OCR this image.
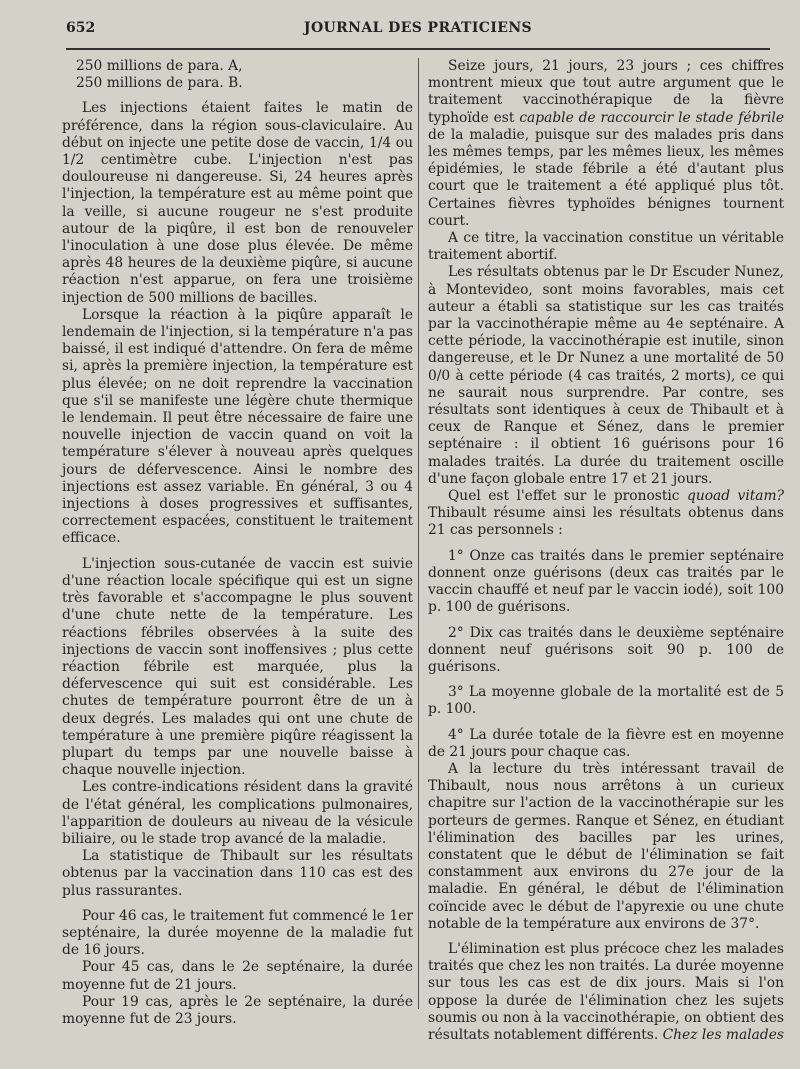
652	JOURNAL DES PRATICIENS

250 millions de para. A,

250 millions de para. B.

Les injections étaient faites le matin de préférence, dans la région sous-claviculaire. Au début on injecte une petite dose de vaccin, 1/4 ou 1/2 centimètre cube. L'injection n'est pas douloureuse ni dangereuse. Si, 24 heures après l'injection, la température est au même point que la veille, si aucune rougeur ne s'est produite autour de la piqûre, il est bon de renouveler l'inoculation à une dose plus élevée. De même après 48 heures de la deuxième piqûre, si aucune réaction n'est apparue, on fera une troisième injection de 500 millions de bacilles.

Lorsque la réaction à la piqûre apparaît le lendemain de l'injection, si la température n'a pas baissé, il est indiqué d'attendre. On fera de même si, après la première injection, la température est plus élevée; on ne doit reprendre la vaccination que s'il se manifeste une légère chute thermique le lendemain. Il peut être nécessaire de faire une nouvelle injection de vaccin quand on voit la température s'élever à nouveau après quelques jours de défervescence. Ainsi le nombre des injections est assez variable. En général, 3 ou 4 injections à doses progressives et suffisantes, correctement espacées, constituent le traitement efficace.

L'injection sous-cutanée de vaccin est suivie d'une réaction locale spécifique qui est un signe très favorable et s'accompagne le plus souvent d'une chute nette de la température. Les réactions fébriles observées à la suite des injections de vaccin sont inoffensives ; plus cette réaction fébrile est marquée, plus la défervescence qui suit est considérable. Les chutes de température pourront être de un à deux degrés. Les malades qui ont une chute de température à une première piqûre réagissent la plupart du temps par une nouvelle baisse à chaque nouvelle injection.

Les contre-indications résident dans la gravité de l'état général, les complications pulmonaires, l'apparition de douleurs au niveau de la vésicule biliaire, ou le stade trop avancé de la maladie.

La statistique de Thibault sur les résultats obtenus par la vaccination dans 110 cas est des plus rassurantes.

Pour 46 cas, le traitement fut commencé le 1er septénaire, la durée moyenne de la maladie fut de 16 jours.

Pour 45 cas, dans le 2e septénaire, la durée moyenne fut de 21 jours.

Pour 19 cas, après le 2e septénaire, la durée moyenne fut de 23 jours.

Seize jours, 21 jours, 23 jours ; ces chiffres montrent mieux que tout autre argument que le traitement vaccinothérapique de la fièvre typhoïde est capable de raccourcir le stade fébrile de la maladie, puisque sur des malades pris dans les mêmes temps, par les mêmes lieux, les mêmes épidémies, le stade fébrile a été d'autant plus court que le traitement a été appliqué plus tôt. Certaines fièvres typhoïdes bénignes tournent court.

A ce titre, la vaccination constitue un véritable traitement abortif.

Les résultats obtenus par le Dr Escuder Nunez, à Montevideo, sont moins favorables, mais cet auteur a établi sa statistique sur les cas traités par la vaccinothérapie même au 4e septénaire. A cette période, la vaccinothérapie est inutile, sinon dangereuse, et le Dr Nunez a une mortalité de 50 0/0 à cette période (4 cas traités, 2 morts), ce qui ne saurait nous surprendre. Par contre, ses résultats sont identiques à ceux de Thibault et à ceux de Ranque et Sénez, dans le premier septénaire : il obtient 16 guérisons pour 16 malades traités. La durée du traitement oscille d'une façon globale entre 17 et 21 jours.

Quel est l'effet sur le pronostic quoad vitam? Thibault résume ainsi les résultats obtenus dans 21 cas personnels :

1° Onze cas traités dans le premier septénaire donnent onze guérisons (deux cas traités par le vaccin chauffé et neuf par le vaccin iodé), soit 100 p. 100 de guérisons.

2° Dix cas traités dans le deuxième septénaire donnent neuf guérisons soit 90 p. 100 de guérisons.

3° La moyenne globale de la mortalité est de 5 p. 100.

4° La durée totale de la fièvre est en moyenne de 21 jours pour chaque cas.

A la lecture du très intéressant travail de Thibault, nous nous arrêtons à un curieux chapitre sur l'action de la vaccinothérapie sur les porteurs de germes. Ranque et Sénez, en étudiant l'élimination des bacilles par les urines, constatent que le début de l'élimination se fait constamment aux environs du 27e jour de la maladie. En général, le début de l'élimination coïncide avec le début de l'apyrexie ou une chute notable de la température aux environs de 37°.

L'élimination est plus précoce chez les malades traités que chez les non traités. La durée moyenne sur tous les cas est de dix jours. Mais si l'on oppose la durée de l'élimination chez les sujets soumis ou non à la vaccinothérapie, on obtient des résultats notablement différents. Chez les malades
